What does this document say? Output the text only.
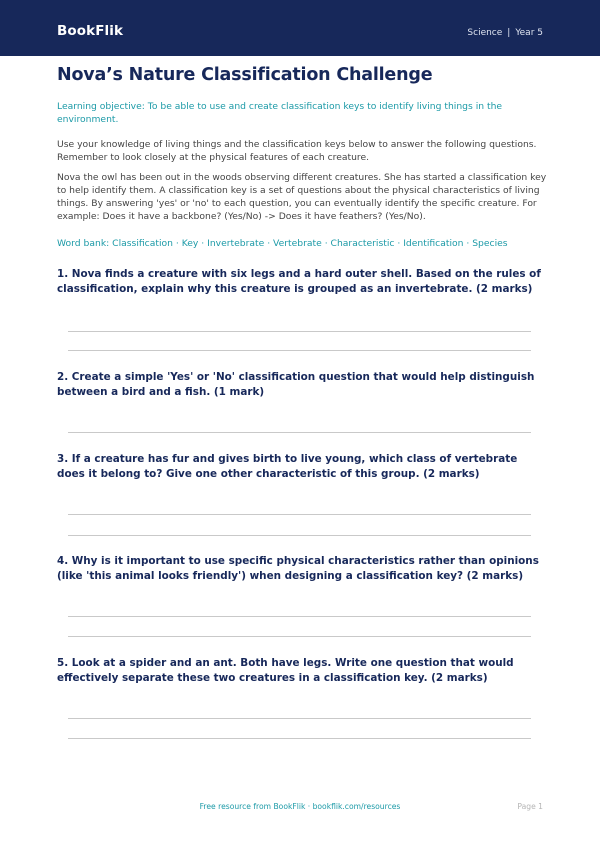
BookFlik	Science | Year 5
Nova’s Nature Classification Challenge

Learning objective: To be able to use and create classification keys to identify living things in the environment.

Use your knowledge of living things and the classification keys below to answer the following questions. Remember to look closely at the physical features of each creature.

Nova the owl has been out in the woods observing different creatures. She has started a classification key to help identify them. A classification key is a set of questions about the physical characteristics of living things. By answering 'yes' or 'no' to each question, you can eventually identify the specific creature. For example: Does it have a backbone? (Yes/No) -> Does it have feathers? (Yes/No).

Word bank: Classification · Key · Invertebrate · Vertebrate · Characteristic · Identification · Species

1. Nova finds a creature with six legs and a hard outer shell. Based on the rules of classification, explain why this creature is grouped as an invertebrate. (2 marks)

2. Create a simple 'Yes' or 'No' classification question that would help distinguish between a bird and a fish. (1 mark)

3. If a creature has fur and gives birth to live young, which class of vertebrate does it belong to? Give one other characteristic of this group. (2 marks)

4. Why is it important to use specific physical characteristics rather than opinions (like 'this animal looks friendly') when designing a classification key? (2 marks)

5. Look at a spider and an ant. Both have legs. Write one question that would effectively separate these two creatures in a classification key. (2 marks)

Free resource from BookFlik · bookflik.com/resources	Page 1
